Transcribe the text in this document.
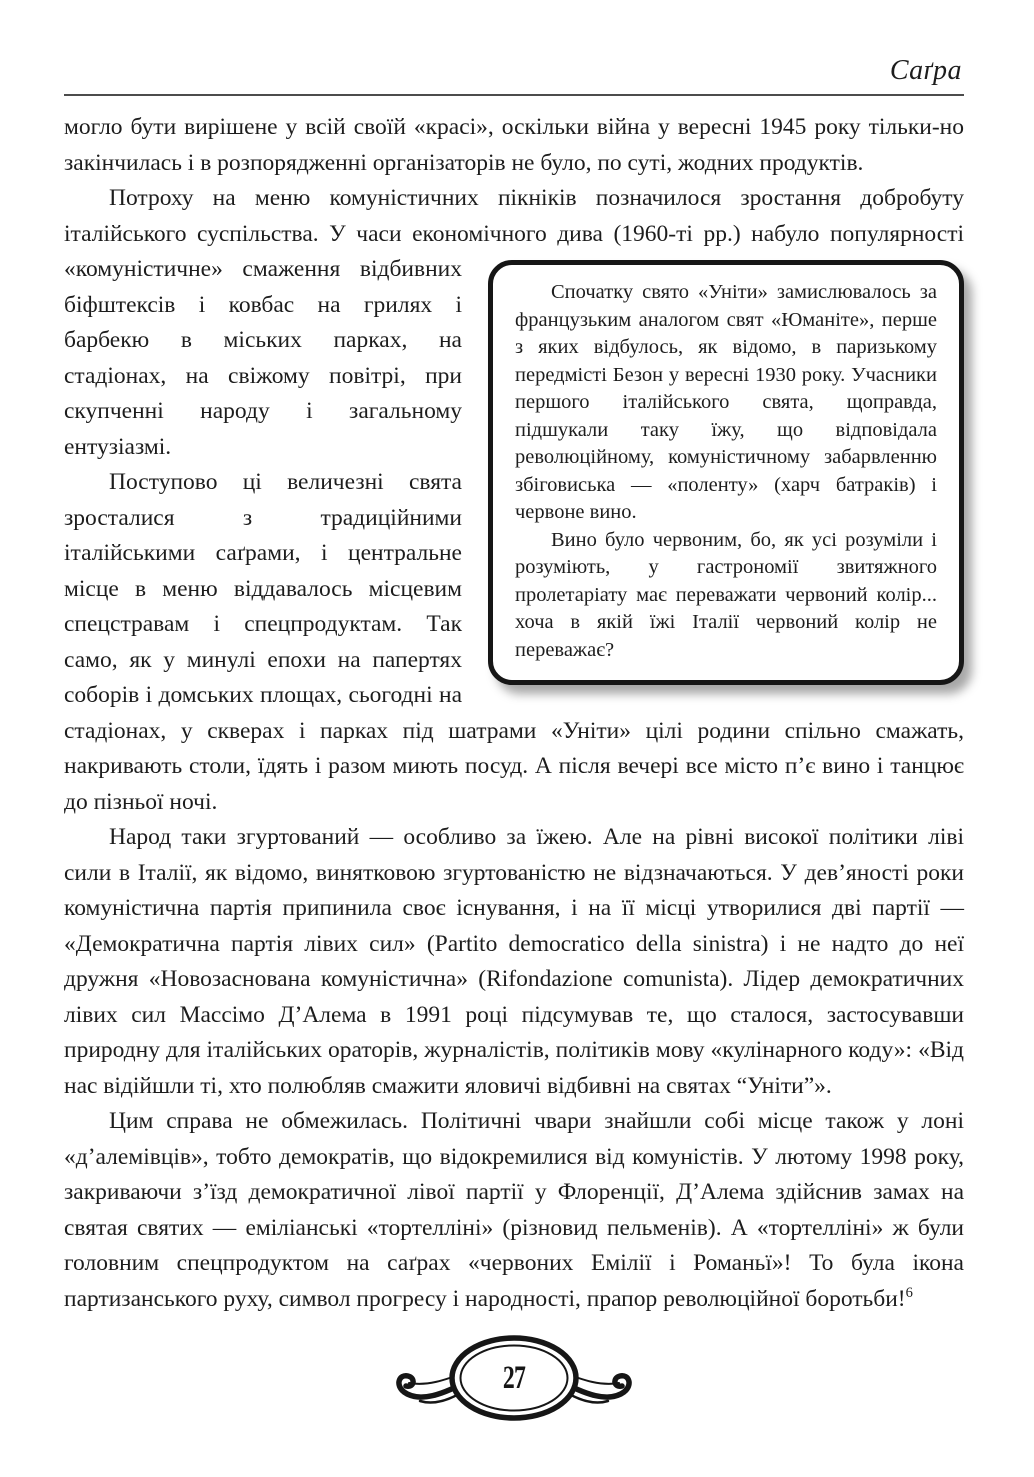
Саґра
могло бути вирішене у всій своїй «красі», оскільки війна у вересні 1945 року тільки-но закінчилась і в розпорядженні організаторів не було, по суті, жодних продуктів.
Потроху на меню комуністичних пікніків позначилося зростання добробуту італійського суспільства. У часи економічного дива (1960-ті рр.)

Спочатку свято «Уніти» замислювалось за французьким аналогом свят «Юманіте», перше з яких відбулось, як відомо, в паризькому передмісті Безон у вересні 1930 року. Учасники першого італійського свята, щоправда, підшукали таку їжу, що відповідала революційному, комуністичному забарвленню збіговиська — «поленту» (харч батраків) і червоне вино.

Вино було червоним, бо, як усі розуміли і розуміють, у гастрономії звитяжного пролетаріату має переважати червоний колір... хоча в якій їжі Італії червоний колір не переважає?

набуло популярності «комуністичне» смаження відбивних біфштексів і ковбас на грилях і барбекю в міських парках, на стадіонах, на свіжому повітрі, при скупченні народу і загальному ентузіазмі.
Поступово ці величезні свята зросталися з традиційними італійськими саґрами, і центральне місце в меню віддавалось місцевим спецстравам і спецпродуктам. Так само, як у минулі епохи на папертях соборів і домських площах, сьогодні на стадіонах, у скверах і парках під шатрами «Уніти» цілі родини спільно смажать, накривають столи, їдять і разом миють посуд. А після вечері все місто п’є вино і танцює до пізньої ночі.
Народ таки згуртований — особливо за їжею. Але на рівні високої політики ліві сили в Італії, як відомо, винятковою згуртованістю не відзначаються. У дев’яності роки комуністична партія припинила своє існування, і на її місці утворилися дві партії — «Демократична партія лівих сил» (Partito democratico della sinistra) і не надто до неї дружня «Новозаснована комуністична» (Rifondazione comunista). Лідер демократичних лівих сил Массімо Д’Алема в 1991 році підсумував те, що сталося, застосувавши природну для італійських ораторів, журналістів, політиків мову «кулінарного коду»: «Від нас відійшли ті, хто полюбляв смажити яловичі відбивні на святах “Уніти”».
Цим справа не обмежилась. Політичні чвари знайшли собі місце також у лоні «д’алемівців», тобто демократів, що відокремилися від комуністів. У лютому 1998 року, закриваючи з’їзд демократичної лівої партії у Флоренції, Д’Алема здійснив замах на святая святих — еміліанські «тортелліні» (різновид пельменів). А «тортелліні» ж були головним спецпродуктом на саґрах «червоних Емілії і Романьї»! То була ікона партизанського руху, символ прогресу і народності, прапор революційної боротьби!$^6$
27
